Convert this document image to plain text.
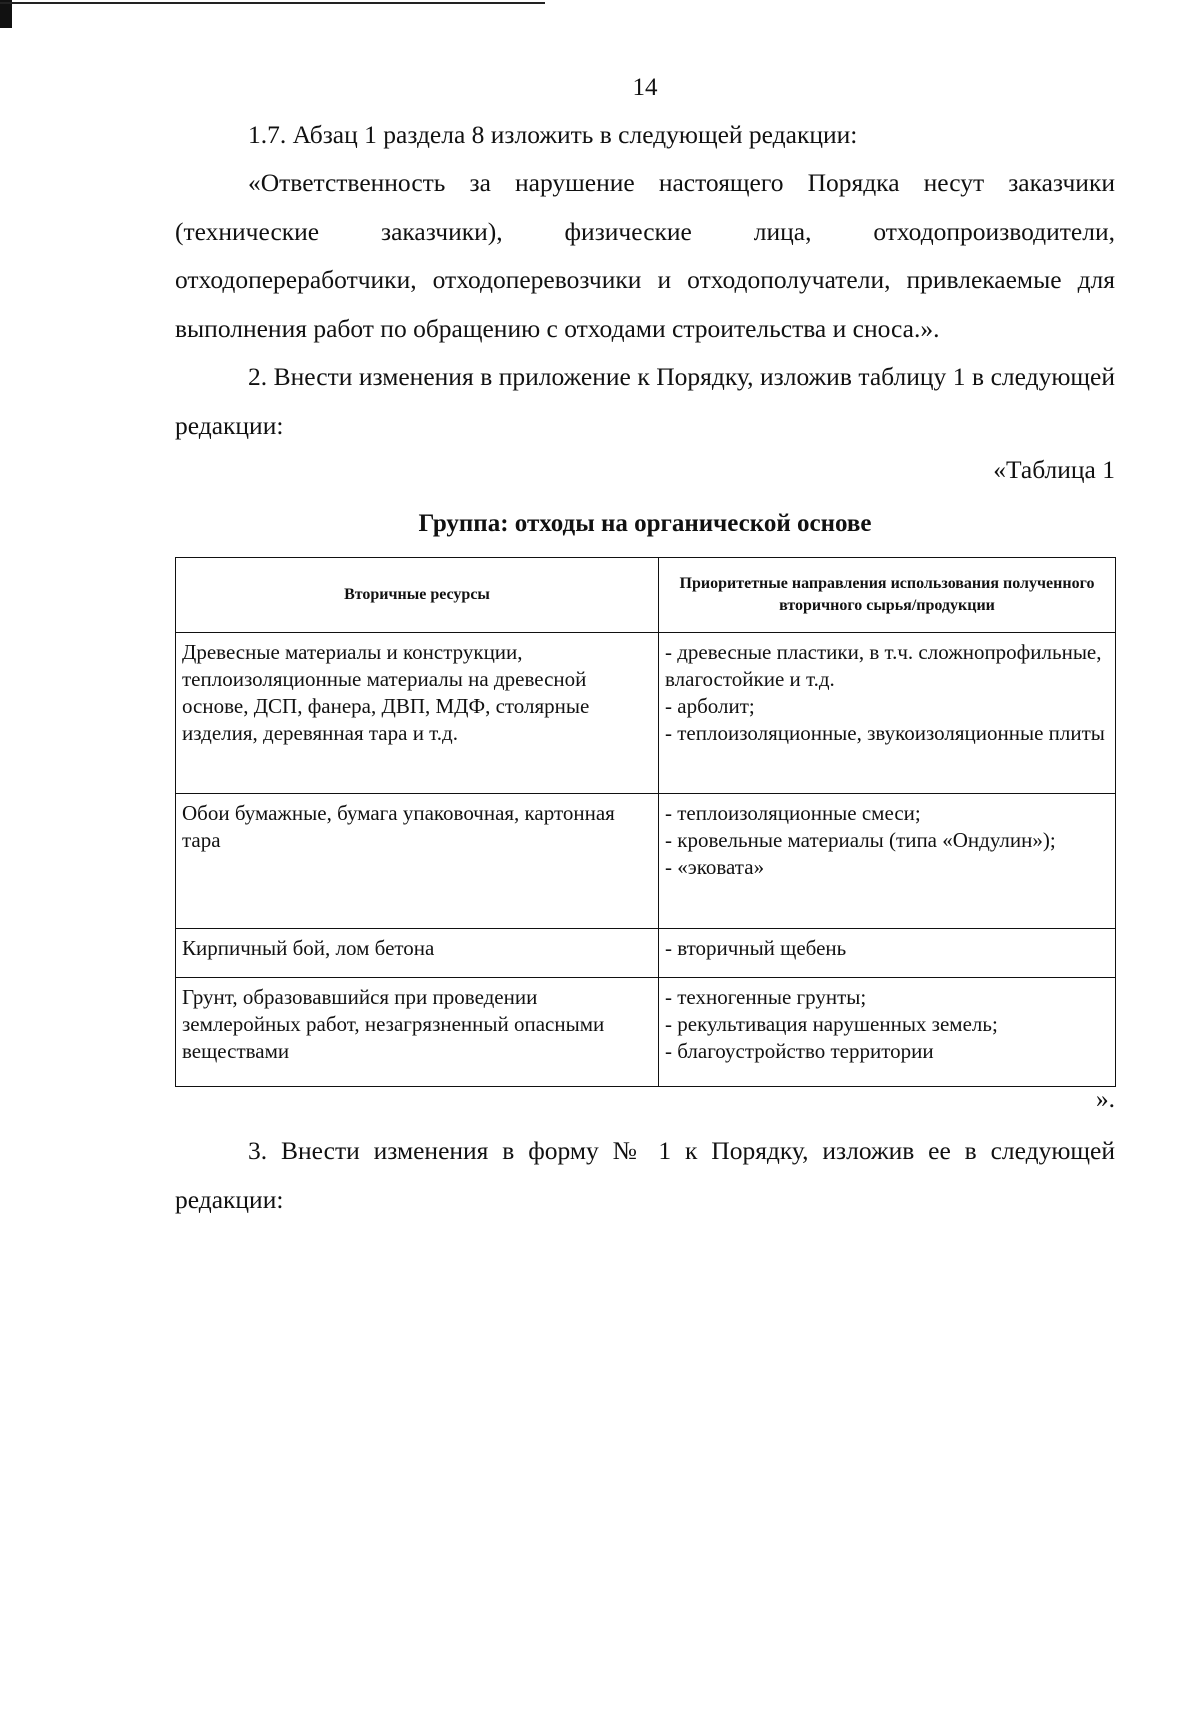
14

1.7. Абзац 1 раздела 8 изложить в следующей редакции:

«Ответственность за нарушение настоящего Порядка несут заказчики (технические заказчики), физические лица, отходопроизводители, отходопереработчики, отходоперевозчики и отходополучатели, привлекаемые для выполнения работ по обращению с отходами строительства и сноса.».

2. Внести изменения в приложение к Порядку, изложив таблицу 1 в следующей редакции:

«Таблица 1
Группа: отходы на органической основе
Вторичные ресурсы	Приоритетные направления использования полученного вторичного сырья/продукции
Древесные материалы и конструкции, теплоизоляционные материалы на древесной основе, ДСП, фанера, ДВП, МДФ, столярные изделия, деревянная тара и т.д.	- древесные пластики, в т.ч. сложнопрофильные, влагостойкие и т.д.
- арболит;
- теплоизоляционные, звукоизоляционные плиты

Обои бумажные, бумага упаковочная, картонная тара	- теплоизоляционные смеси;
- кровельные материалы (типа «Ондулин»);
- «эковата»

Кирпичный бой, лом бетона	- вторичный щебень

Грунт, образовавшийся при проведении землеройных работ, незагрязненный опасными веществами	- техногенные грунты;
- рекультивация нарушенных земель;
- благоустройство территории
».

3. Внести изменения в форму № 1 к Порядку, изложив ее в следующей редакции:
